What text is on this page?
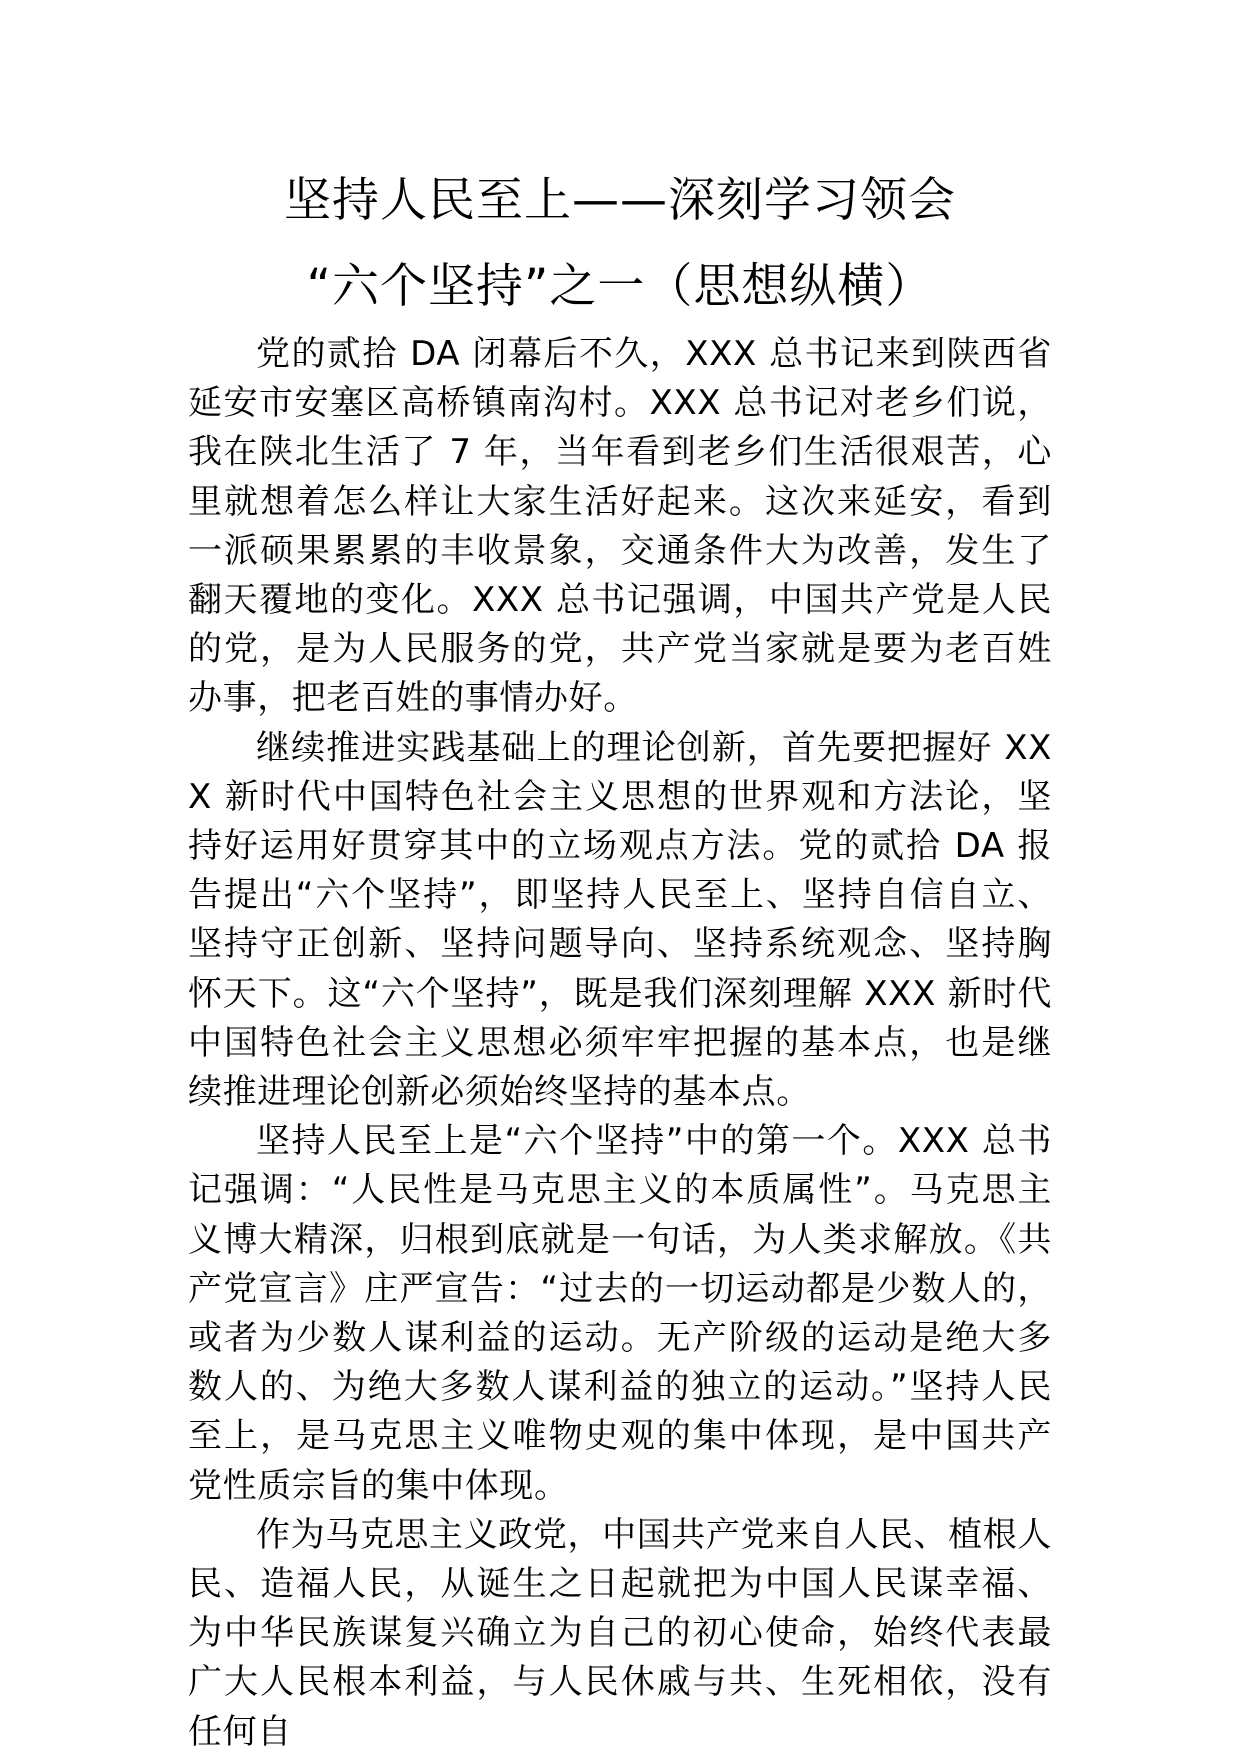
坚持人民至上——深刻学习领会
“六个坚持”之一（思想纵横）

党的贰拾 DA 闭幕后不久，XXX 总书记来到陕西省延安市安塞区高桥镇南沟村。XXX 总书记对老乡们说，我在陕北生活了 7 年，当年看到老乡们生活很艰苦，心里就想着怎么样让大家生活好起来。这次来延安，看到一派硕果累累的丰收景象，交通条件大为改善，发生了翻天覆地的变化。XXX 总书记强调，中国共产党是人民的党，是为人民服务的党，共产党当家就是要为老百姓办事，把老百姓的事情办好。

继续推进实践基础上的理论创新，首先要把握好 XXX 新时代中国特色社会主义思想的世界观和方法论，坚持好运用好贯穿其中的立场观点方法。党的贰拾 DA 报告提出“六个坚持”，即坚持人民至上、坚持自信自立、坚持守正创新、坚持问题导向、坚持系统观念、坚持胸怀天下。这“六个坚持”，既是我们深刻理解 XXX 新时代中国特色社会主义思想必须牢牢把握的基本点，也是继续推进理论创新必须始终坚持的基本点。

坚持人民至上是“六个坚持”中的第一个。XXX 总书记强调：“人民性是马克思主义的本质属性”。马克思主义博大精深，归根到底就是一句话，为人类求解放。《共产党宣言》庄严宣告：“过去的一切运动都是少数人的，或者为少数人谋利益的运动。无产阶级的运动是绝大多数人的、为绝大多数人谋利益的独立的运动。”坚持人民至上，是马克思主义唯物史观的集中体现，是中国共产党性质宗旨的集中体现。

作为马克思主义政党，中国共产党来自人民、植根人民、造福人民，从诞生之日起就把为中国人民谋幸福、为中华民族谋复兴确立为自己的初心使命，始终代表最广大人民根本利益，与人民休戚与共、生死相依，没有任何自
